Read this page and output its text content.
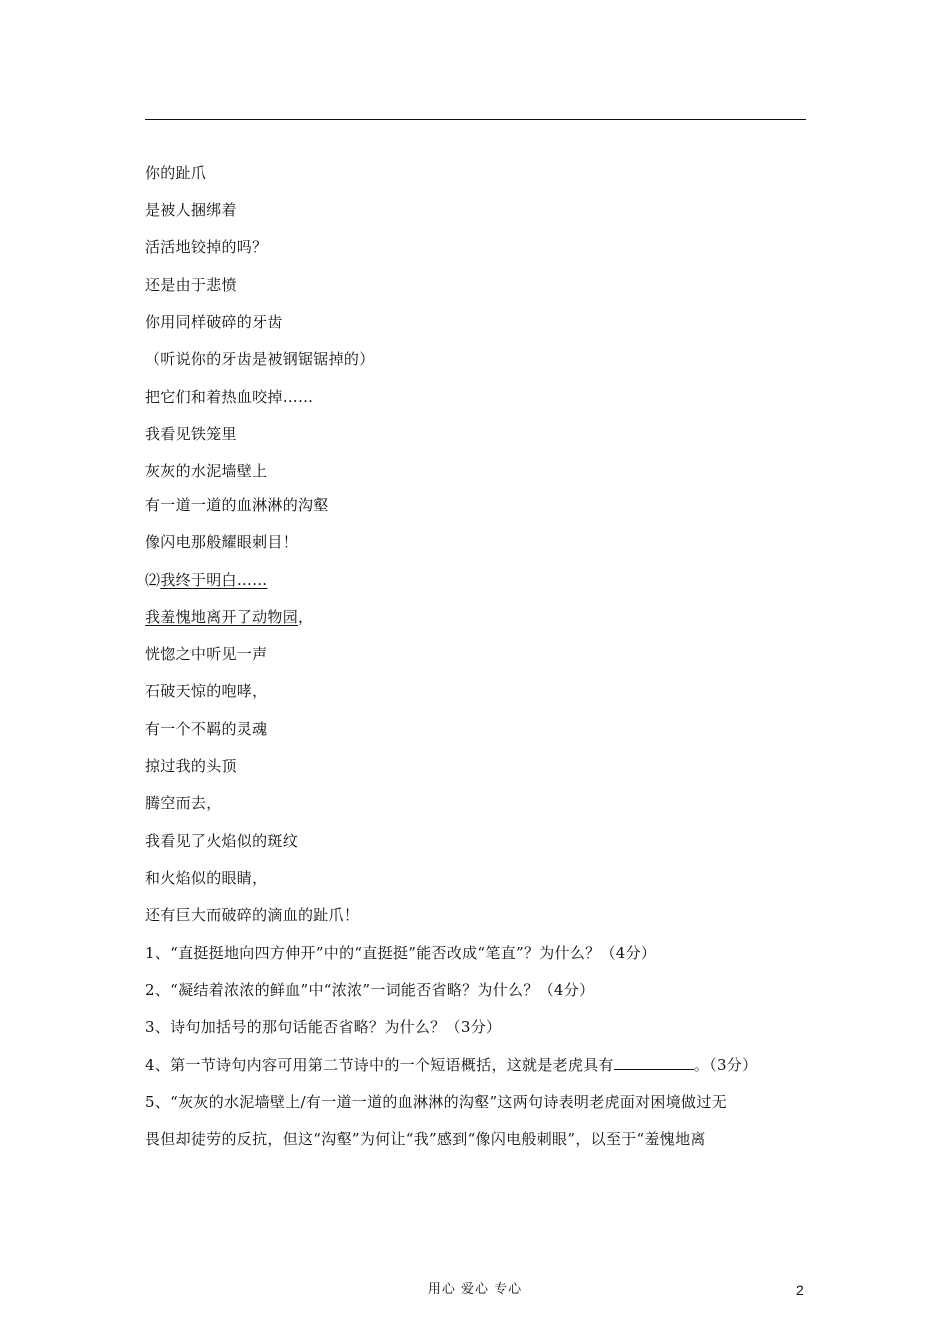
你的趾爪
是被人捆绑着
活活地铰掉的吗？
还是由于悲愤
你用同样破碎的牙齿
（听说你的牙齿是被钢锯锯掉的）
把它们和着热血咬掉……
我看见铁笼里
灰灰的水泥墙壁上
有一道一道的血淋淋的沟壑
像闪电那般耀眼刺目！
⑵我终于明白……
我羞愧地离开了动物园，
恍惚之中听见一声
石破天惊的咆哮，
有一个不羁的灵魂
掠过我的头顶
腾空而去，
我看见了火焰似的斑纹
和火焰似的眼睛，
还有巨大而破碎的滴血的趾爪！
1、“直挺挺地向四方伸开”中的“直挺挺”能否改成“笔直”？为什么？（4分）
2、“凝结着浓浓的鲜血”中“浓浓”一词能否省略？为什么？（4分）
3、诗句加括号的那句话能否省略？为什么？（3分）
4、第一节诗句内容可用第二节诗中的一个短语概括，这就是老虎具有	。（3分）
5、“灰灰的水泥墙壁上/有一道一道的血淋淋的沟壑”这两句诗表明老虎面对困境做过无
畏但却徒劳的反抗，但这“沟壑”为何让“我”感到“像闪电般刺眼”，以至于“羞愧地离
用心 爱心 专心	2
